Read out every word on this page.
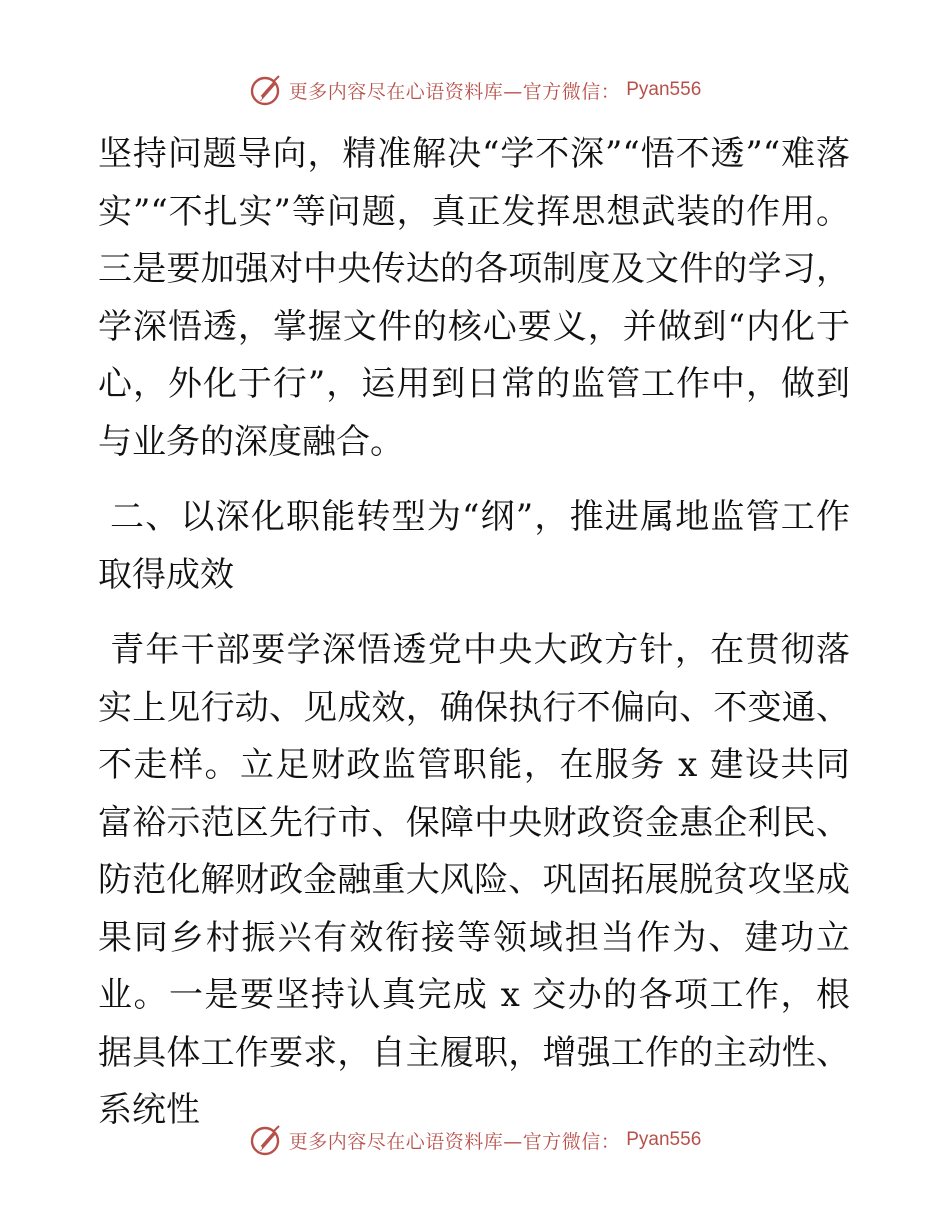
更多内容尽在心语资料库—官方微信： Pyan556

坚持问题导向，精准解决“学不深”“悟不透”“难落实”“不扎实”等问题，真正发挥思想武装的作用。三是要加强对中央传达的各项制度及文件的学习，学深悟透，掌握文件的核心要义，并做到“内化于心，外化于行”，运用到日常的监管工作中，做到与业务的深度融合。

二、以深化职能转型为“纲”，推进属地监管工作取得成效

青年干部要学深悟透党中央大政方针，在贯彻落实上见行动、见成效，确保执行不偏向、不变通、不走样。立足财政监管职能，在服务 x 建设共同富裕示范区先行市、保障中央财政资金惠企利民、防范化解财政金融重大风险、巩固拓展脱贫攻坚成果同乡村振兴有效衔接等领域担当作为、建功立业。一是要坚持认真完成 x 交办的各项工作，根据具体工作要求，自主履职，增强工作的主动性、系统性

更多内容尽在心语资料库—官方微信： Pyan556
